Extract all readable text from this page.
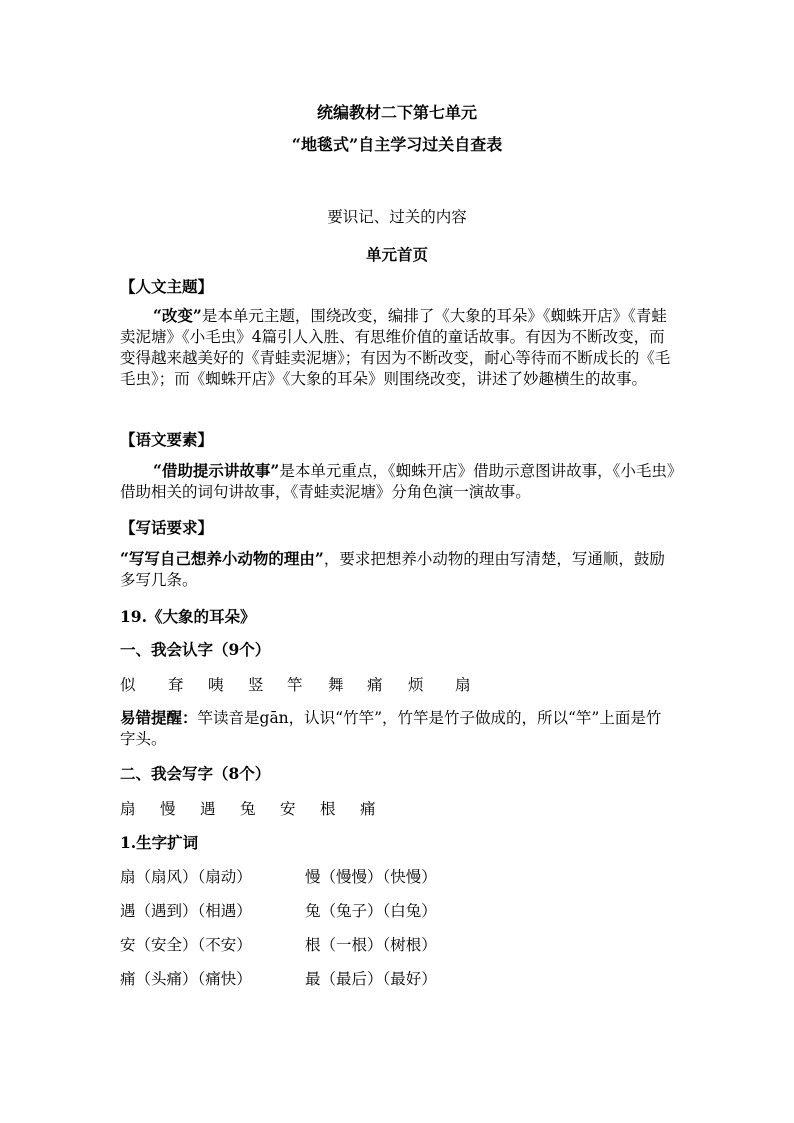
统编教材二下第七单元
“地毯式”自主学习过关自查表
要识记、过关的内容
单元首页
【人文主题】
“改变”是本单元主题，围绕改变，编排了《大象的耳朵》《蜘蛛开店》《青蛙卖泥塘》《小毛虫》4篇引人入胜、有思维价值的童话故事。有因为不断改变，而变得越来越美好的《青蛙卖泥塘》；有因为不断改变，耐心等待而不断成长的《毛毛虫》；而《蜘蛛开店》《大象的耳朵》则围绕改变，讲述了妙趣横生的故事。
【语文要素】
“借助提示讲故事”是本单元重点，《蜘蛛开店》借助示意图讲故事，《小毛虫》借助相关的词句讲故事，《青蛙卖泥塘》分角色演一演故事。
【写话要求】
“写写自己想养小动物的理由”，要求把想养小动物的理由写清楚，写通顺，鼓励多写几条。
19.《大象的耳朵》
一、我会认字（9个）
似 耷 咦 竖 竿 舞 痛 烦 扇
易错提醒：竿读音是gān，认识“竹竿”，竹竿是竹子做成的，所以“竿”上面是竹字头。
二、我会写字（8个）
扇 慢 遇 兔 安 根 痛
1.生字扩词
扇（扇风）（扇动）	慢（慢慢）（快慢）
遇（遇到）（相遇）	兔（兔子）（白兔）
安（安全）（不安）	根（一根）（树根）
痛（头痛）（痛快）	最（最后）（最好）
